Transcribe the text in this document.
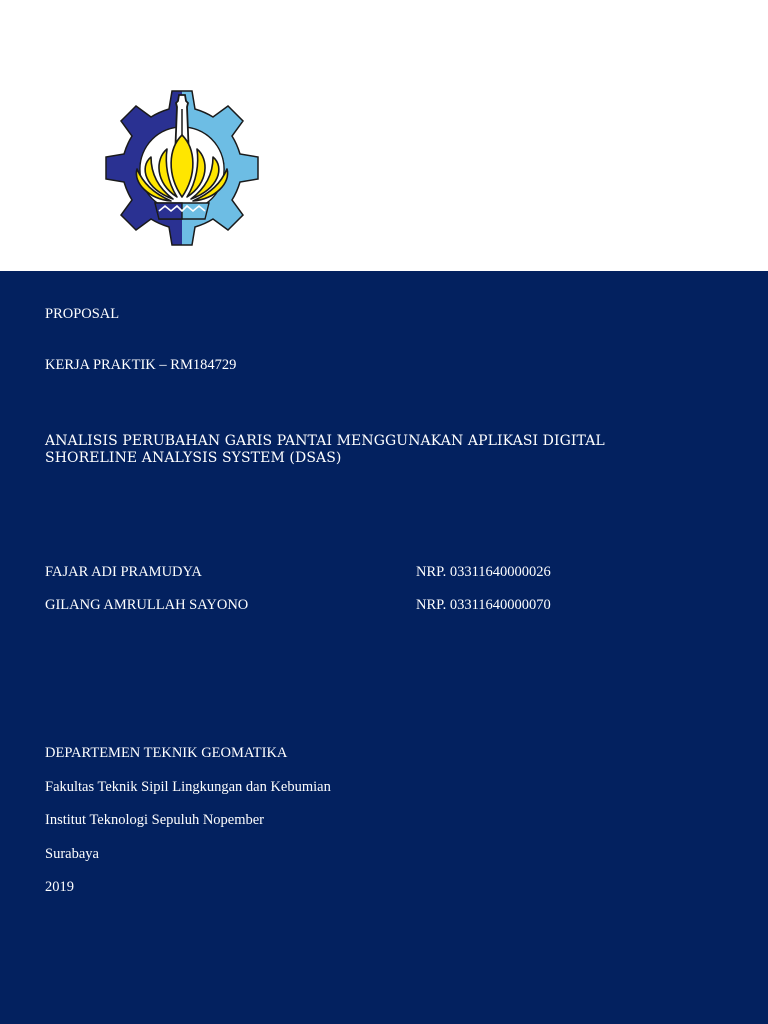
PROPOSAL
KERJA PRAKTIK – RM184729
ANALISIS PERUBAHAN GARIS PANTAI MENGGUNAKAN APLIKASI DIGITAL
SHORELINE ANALYSIS SYSTEM (DSAS)
FAJAR ADI PRAMUDYA	NRP. 03311640000026
GILANG AMRULLAH SAYONO	NRP. 03311640000070
DEPARTEMEN TEKNIK GEOMATIKA
Fakultas Teknik Sipil Lingkungan dan Kebumian
Institut Teknologi Sepuluh Nopember
Surabaya
2019
